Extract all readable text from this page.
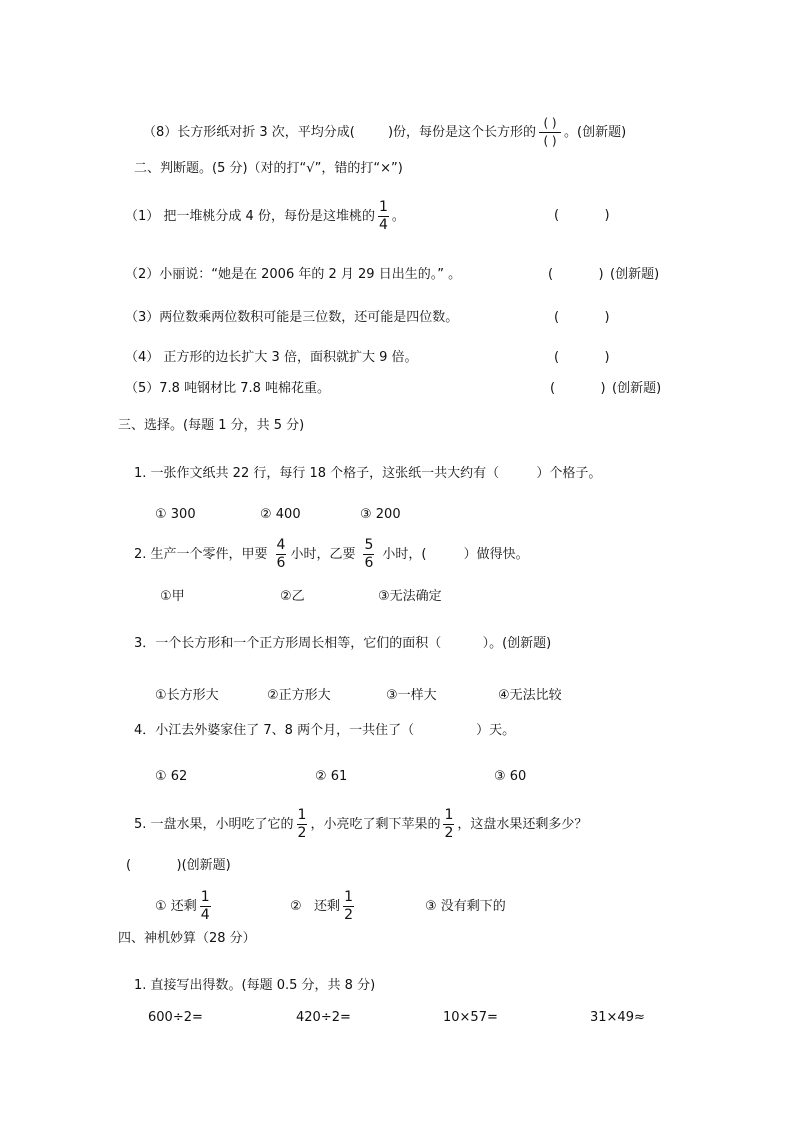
（8）长方形纸对折 3 次，平均分成(	)份，每份是这个长方形的 $\frac{( )}{( )}$ 。(创新题)
二、判断题。(5 分)（对的打“√”，错的打“×”)
（1） 把一堆桃分成 4 份，每份是这堆桃的 $\frac{1}{4}$ 。	(           )
（2）小丽说：“她是在 2006 年的 2 月 29 日出生的。” 。	(           ) (创新题)
（3）两位数乘两位数积可能是三位数，还可能是四位数。	(           )
（4） 正方形的边长扩大 3 倍，面积就扩大 9 倍。	(           )
（5）7.8 吨钢材比 7.8 吨棉花重。	(           ) (创新题)
三、选择。(每题 1 分，共 5 分)
1. 一张作文纸共 22 行，每行 18 个格子，这张纸一共大约有（         ）个格子。
① 300	② 400	③ 200
2. 生产一个零件，甲要 $\frac{4}{6}$ 小时，乙要 $\frac{5}{6}$ 小时，(         ）做得快。
①甲	②乙	③无法确定
3．一个长方形和一个正方形周长相等，它们的面积（          ）。(创新题)
①长方形大	②正方形大	③一样大	④无法比较
4．小江去外婆家住了 7、8 两个月，一共住了（               ）天。
① 62	② 61	③ 60
5. 一盘水果，小明吃了它的 $\frac{1}{2}$ ，小亮吃了剩下苹果的 $\frac{1}{2}$ ，这盘水果还剩多少？
(           )(创新题)
① 还剩 $\frac{1}{4}$	②   还剩 $\frac{1}{2}$	③ 没有剩下的
四、神机妙算（28 分）
1. 直接写出得数。(每题 0.5 分，共 8 分)
600÷2=	420÷2=	10×57=	31×49≈
